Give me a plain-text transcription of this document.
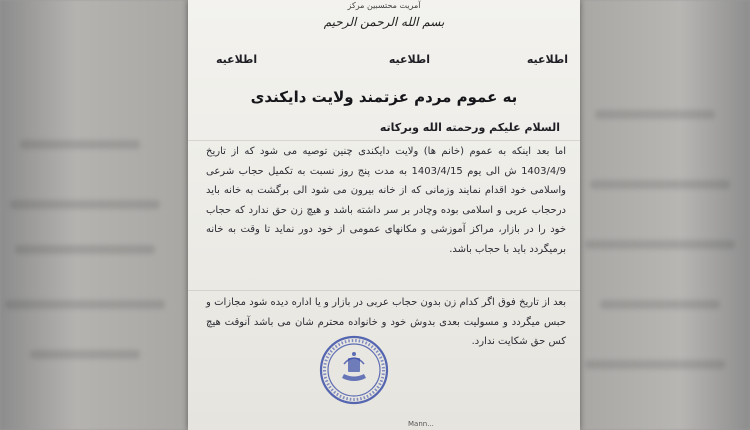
آمریت محتسبین مرکز
بسم الله الرحمن الرحیم
اطلاعیه
اطلاعیه
اطلاعیه
به عموم مردم عزتمند ولایت دایکندی
السلام علیکم ورحمته الله وبرکاته
اما بعد اینکه به عموم (خانم ها) ولایت دایکندی چنین توصیه می شود که از تاریخ 1403/4/9 ش الی یوم 1403/4/15 به مدت پنج روز نسبت به تکمیل حجاب شرعی واسلامی خود اقدام نمایند وزمانی که از خانه بیرون می شود الی برگشت به خانه باید درحجاب عربی و اسلامی بوده وچادر بر سر داشته باشد و هیچ زن حق ندارد که حجاب خود را در بازار، مراکز آموزشی و مکانهای عمومی از خود دور نماید تا وقت به خانه برمیگردد باید با حجاب باشد.
بعد از تاریخ فوق اگر کدام زن بدون حجاب عربی در بازار و یا اداره دیده شود مجازات و حبس میگردد و مسولیت بعدی بدوش خود و خانواده محترم شان می باشد آنوقت هیچ کس حق شکایت ندارد.
Mann...
